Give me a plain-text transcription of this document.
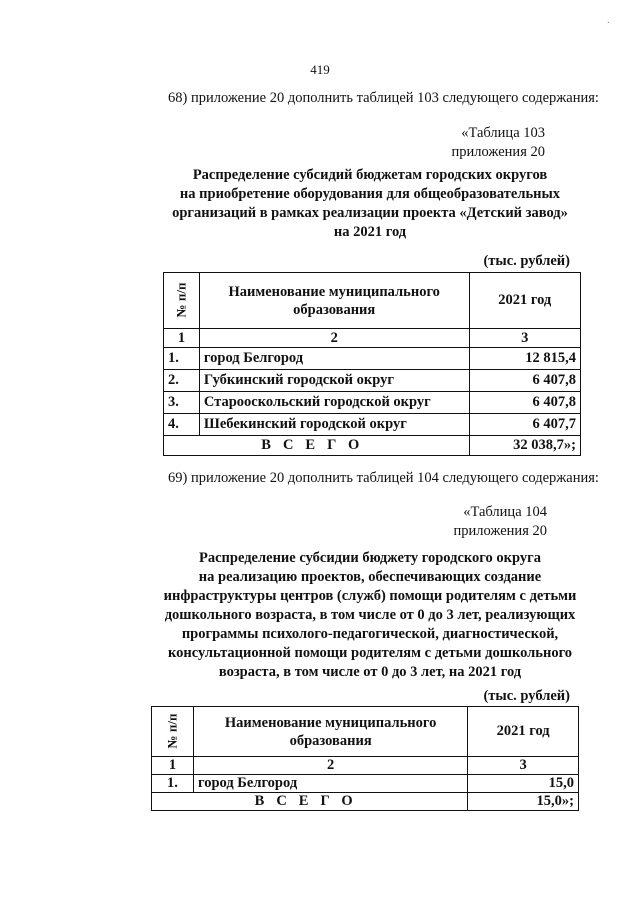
·
419
68) приложение 20 дополнить таблицей 103 следующего содержания:
«Таблица 103
приложения 20
Распределение субсидий бюджетам городских округов
на приобретение оборудования для общеобразовательных
организаций в рамках реализации проекта «Детский завод»
на 2021 год
(тыс. рублей)
№ п/п	Наименование муниципального образования	2021 год
1	2	3
1.	город Белгород	12 815,4
2.	Губкинский городской округ	6 407,8
3.	Старооскольский городской округ	6 407,8
4.	Шебекинский городской округ	6 407,7
ВСЕГО		32 038,7»;
69) приложение 20 дополнить таблицей 104 следующего содержания:
«Таблица 104
приложения 20
Распределение субсидии бюджету городского округа
на реализацию проектов, обеспечивающих создание
инфраструктуры центров (служб) помощи родителям с детьми
дошкольного возраста, в том числе от 0 до 3 лет, реализующих
программы психолого-педагогической, диагностической,
консультационной помощи родителям с детьми дошкольного
возраста, в том числе от 0 до 3 лет, на 2021 год
(тыс. рублей)
№ п/п	Наименование муниципального образования	2021 год
1	2	3
1.	город Белгород	15,0
ВСЕГО		15,0»;
